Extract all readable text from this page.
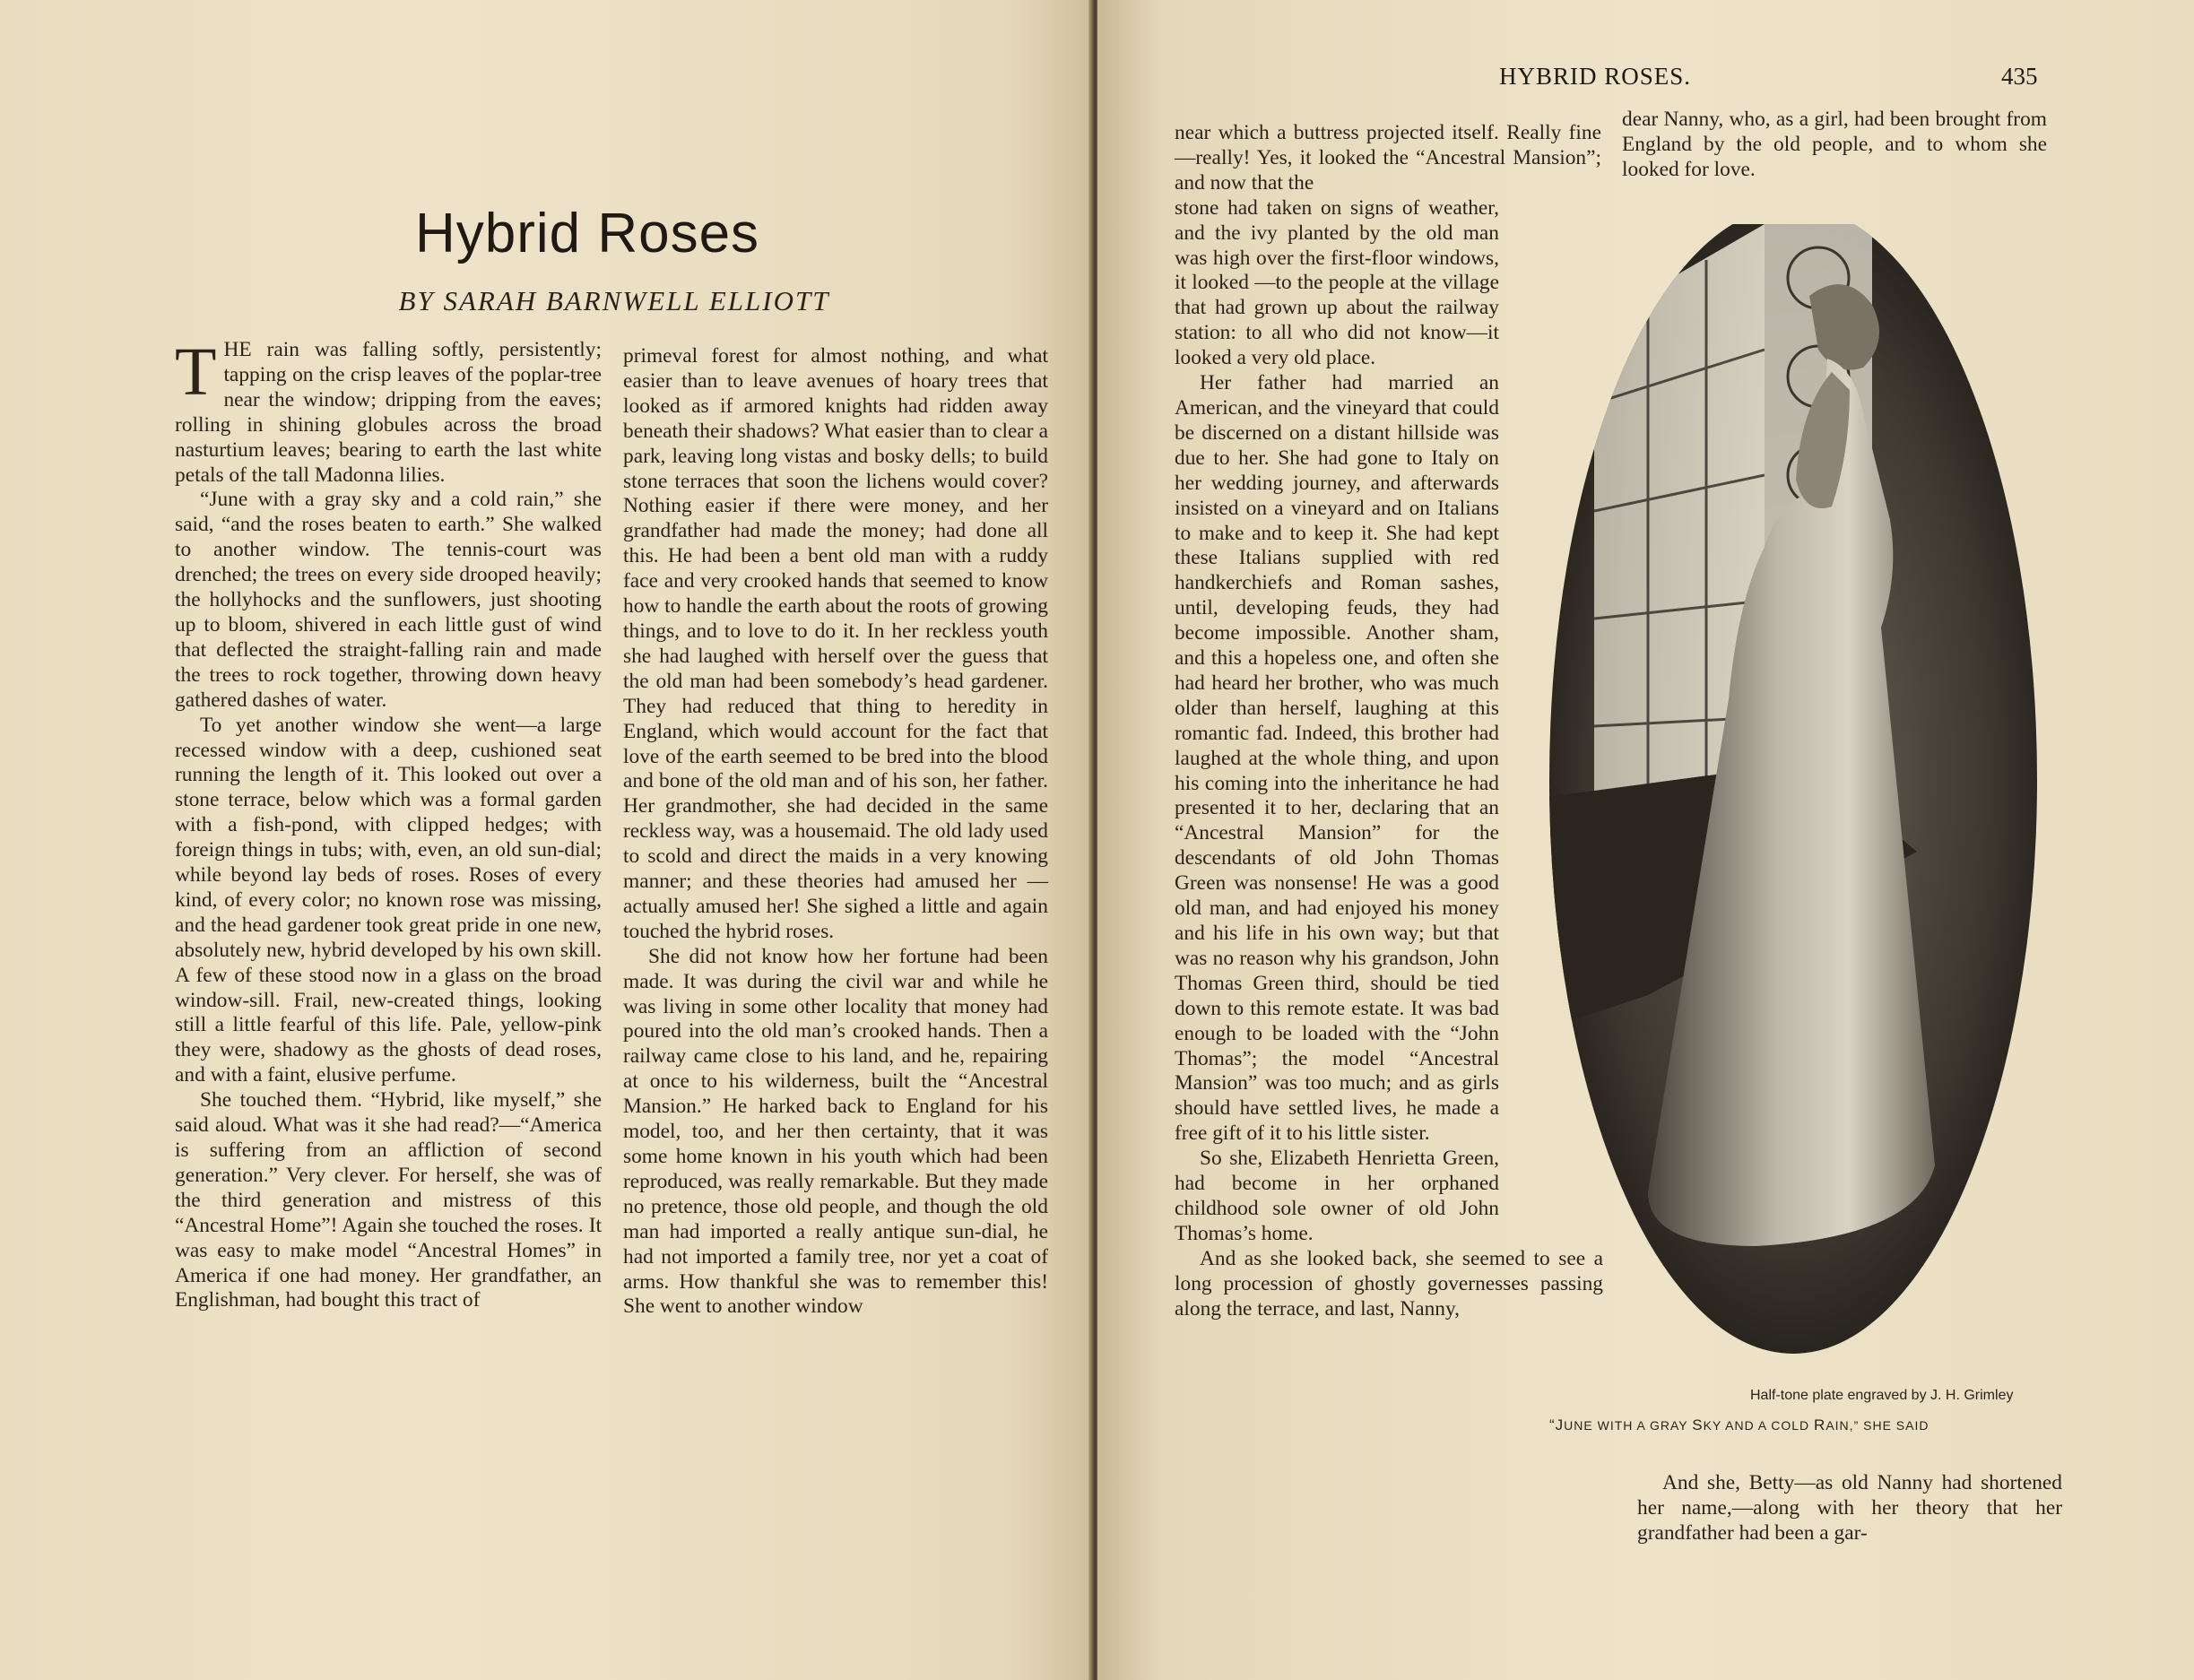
Hybrid Roses
BY SARAH BARNWELL ELLIOTT

THE rain was falling softly, persistently; tapping on the crisp leaves of the poplar-tree near the window; dripping from the eaves; rolling in shining globules across the broad nasturtium leaves; bearing to earth the last white petals of the tall Madonna lilies.

“June with a gray sky and a cold rain,” she said, “and the roses beaten to earth.” She walked to another window. The tennis-court was drenched; the trees on every side drooped heavily; the hollyhocks and the sunflowers, just shooting up to bloom, shivered in each little gust of wind that deflected the straight-falling rain and made the trees to rock together, throwing down heavy gathered dashes of water.

To yet another window she went—a large recessed window with a deep, cushioned seat running the length of it. This looked out over a stone terrace, below which was a formal garden with a fish-pond, with clipped hedges; with foreign things in tubs; with, even, an old sun-dial; while beyond lay beds of roses. Roses of every kind, of every color; no known rose was missing, and the head gardener took great pride in one new, absolutely new, hybrid developed by his own skill. A few of these stood now in a glass on the broad window-sill. Frail, new-created things, looking still a little fearful of this life. Pale, yellow-pink they were, shadowy as the ghosts of dead roses, and with a faint, elusive perfume.

She touched them. “Hybrid, like myself,” she said aloud. What was it she had read?—“America is suffering from an affliction of second generation.” Very clever. For herself, she was of the third generation and mistress of this “Ancestral Home”! Again she touched the roses. It was easy to make model “Ancestral Homes” in America if one had money. Her grandfather, an Englishman, had bought this tract of

primeval forest for almost nothing, and what easier than to leave avenues of hoary trees that looked as if armored knights had ridden away beneath their shadows? What easier than to clear a park, leaving long vistas and bosky dells; to build stone terraces that soon the lichens would cover? Nothing easier if there were money, and her grandfather had made the money; had done all this. He had been a bent old man with a ruddy face and very crooked hands that seemed to know how to handle the earth about the roots of growing things, and to love to do it. In her reckless youth she had laughed with herself over the guess that the old man had been somebody’s head gardener. They had reduced that thing to heredity in England, which would account for the fact that love of the earth seemed to be bred into the blood and bone of the old man and of his son, her father. Her grandmother, she had decided in the same reckless way, was a housemaid. The old lady used to scold and direct the maids in a very knowing manner; and these theories had amused her — actually amused her! She sighed a little and again touched the hybrid roses.

She did not know how her fortune had been made. It was during the civil war and while he was living in some other locality that money had poured into the old man’s crooked hands. Then a railway came close to his land, and he, repairing at once to his wilderness, built the “Ancestral Mansion.” He harked back to England for his model, too, and her then certainty, that it was some home known in his youth which had been reproduced, was really remarkable. But they made no pretence, those old people, and though the old man had imported a really antique sun-dial, he had not imported a family tree, nor yet a coat of arms. How thankful she was to remember this! She went to another window

HYBRID ROSES.	435

near which a buttress projected itself. Really fine—really! Yes, it looked the “Ancestral Mansion”; and now that the

stone had taken on signs of weather, and the ivy planted by the old man was high over the first-floor windows, it looked —to the people at the village that had grown up about the railway station: to all who did not know—it looked a very old place.

Her father had married an American, and the vineyard that could be discerned on a distant hillside was due to her. She had gone to Italy on her wedding journey, and afterwards insisted on a vineyard and on Italians to make and to keep it. She had kept these Italians supplied with red handkerchiefs and Roman sashes, until, developing feuds, they had become impossible. Another sham, and this a hopeless one, and often she had heard her brother, who was much older than herself, laughing at this romantic fad. Indeed, this brother had laughed at the whole thing, and upon his coming into the inheritance he had presented it to her, declaring that an “Ancestral Mansion” for the descendants of old John Thomas Green was nonsense! He was a good old man, and had enjoyed his money and his life in his own way; but that was no reason why his grandson, John Thomas Green third, should be tied down to this remote estate. It was bad enough to be loaded with the “John Thomas”; the model “Ancestral Mansion” was too much; and as girls should have settled lives, he made a free gift of it to his little sister.

So she, Elizabeth Henrietta Green, had become in her orphaned childhood sole owner of old John Thomas’s home.

And as she looked back, she seemed to see a long procession of ghostly governesses passing along the terrace, and last, Nanny,

dear Nanny, who, as a girl, had been brought from England by the old people, and to whom she looked for love.

Half-tone plate engraved by J. H. Grimley
“JUNE WITH A GRAY SKY AND A COLD RAIN,” SHE SAID

And she, Betty—as old Nanny had shortened her name,—along with her theory that her grandfather had been a gar-
